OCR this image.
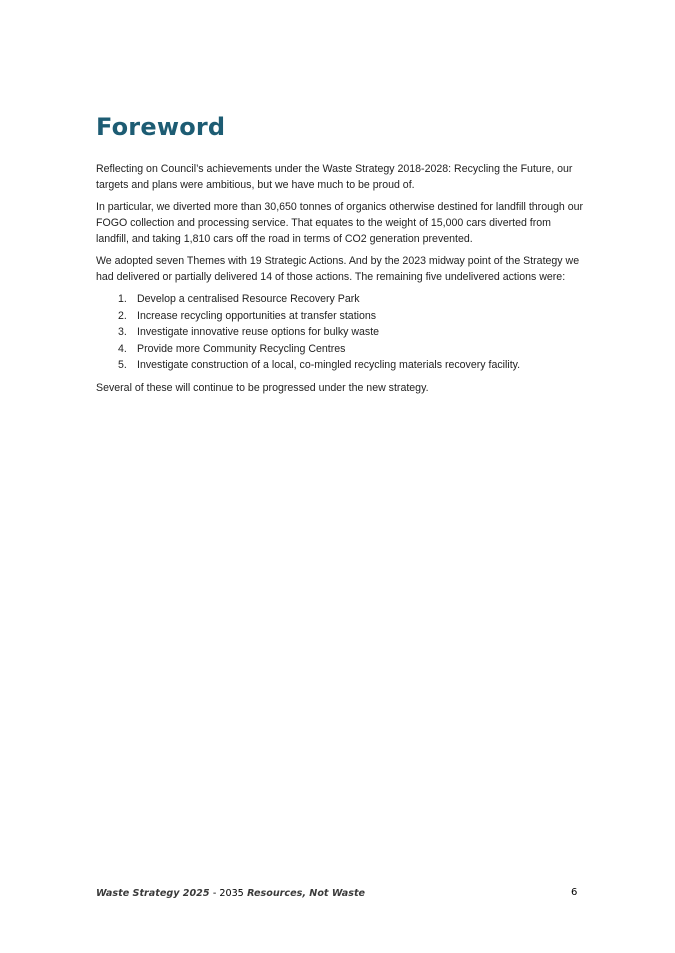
Foreword

Reflecting on Council’s achievements under the Waste Strategy 2018-2028: Recycling the Future, our targets and plans were ambitious, but we have much to be proud of.

In particular, we diverted more than 30,650 tonnes of organics otherwise destined for landfill through our FOGO collection and processing service. That equates to the weight of 15,000 cars diverted from landfill, and taking 1,810 cars off the road in terms of CO2 generation prevented.

We adopted seven Themes with 19 Strategic Actions. And by the 2023 midway point of the Strategy we had delivered or partially delivered 14 of those actions. The remaining five undelivered actions were:

1. Develop a centralised Resource Recovery Park
2. Increase recycling opportunities at transfer stations
3. Investigate innovative reuse options for bulky waste
4. Provide more Community Recycling Centres
5. Investigate construction of a local, co-mingled recycling materials recovery facility.

Several of these will continue to be progressed under the new strategy.

Waste Strategy 2025 - 2035 Resources, Not Waste	6
